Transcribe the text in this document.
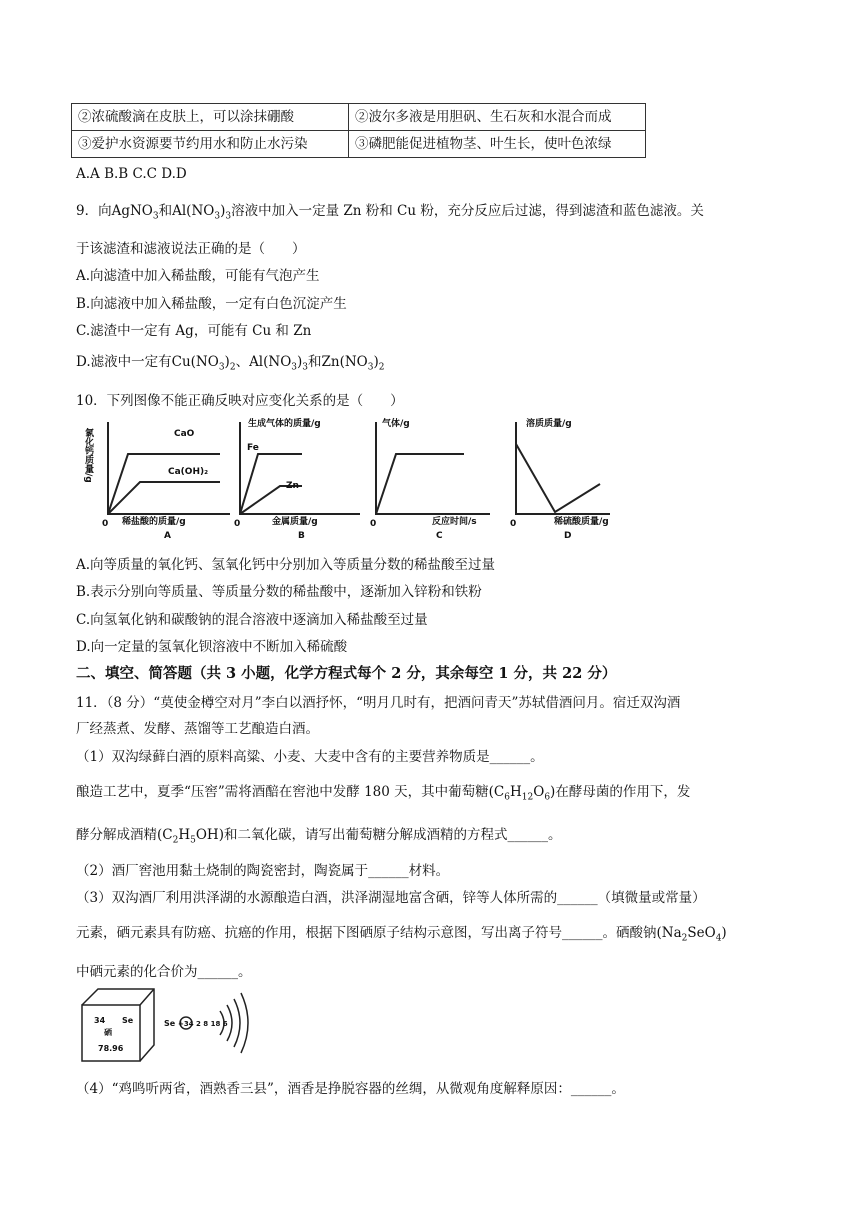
②浓硫酸滴在皮肤上，可以涂抹硼酸	②波尔多液是用胆矾、生石灰和水混合而成
③爱护水资源要节约用水和防止水污染	③磷肥能促进植物茎、叶生长，使叶色浓绿
A.A B.B C.C D.D
9．向AgNO$_3$和$Al(NO_3)_3$溶液中加入一定量 Zn 粉和 Cu 粉，充分反应后过滤，得到滤渣和蓝色滤液。关
于该滤渣和滤液说法正确的是（　　）
A.向滤渣中加入稀盐酸，可能有气泡产生
B.向滤液中加入稀盐酸，一定有白色沉淀产生
C.滤渣中一定有 Ag，可能有 Cu 和 Zn
D.滤液中一定有$Cu(NO_3)_2$、$Al(NO_3)_3$和$Zn(NO_3)_2$
10．下列图像不能正确反映对应变化关系的是（　　）
氯化钙质量/g	CaO
Ca(OH)₂
0 稀盐酸的质量/g
A
生成气体的质量/g
Fe
Zn
0	金属质量/g
B
气体/g
0	反应时间/s
C
溶质质量/g
0	稀硫酸质量/g
D
A.向等质量的氧化钙、氢氧化钙中分别加入等质量分数的稀盐酸至过量
B.表示分别向等质量、等质量分数的稀盐酸中，逐渐加入锌粉和铁粉
C.向氢氧化钠和碳酸钠的混合溶液中逐滴加入稀盐酸至过量
D.向一定量的氢氧化钡溶液中不断加入稀硫酸
二、填空、简答题（共 3 小题，化学方程式每个 2 分，其余每空 1 分，共 22 分）
11．（8 分）“莫使金樽空对月”李白以酒抒怀，“明月几时有，把酒问青天”苏轼借酒问月。宿迁双沟酒
厂经蒸煮、发酵、蒸馏等工艺酿造白酒。
（1）双沟绿藓白酒的原料高粱、小麦、大麦中含有的主要营养物质是______。
酿造工艺中，夏季“压窖”需将酒醅在窖池中发酵 180 天，其中葡萄糖$(C_6H_{12}O_6)$在酵母菌的作用下，发
酵分解成酒精$(C_2H_5OH)$和二氧化碳，请写出葡萄糖分解成酒精的方程式______。
（2）酒厂窖池用黏土烧制的陶瓷密封，陶瓷属于______材料。
（3）双沟酒厂利用洪泽湖的水源酿造白酒，洪泽湖湿地富含硒，锌等人体所需的______（填微量或常量）
元素，硒元素具有防癌、抗癌的作用，根据下图硒原子结构示意图，写出离子符号______。硒酸钠$(Na_2SeO_4)$
中硒元素的化合价为______。
34 Se
硒
78.96
Se +34 2 8 18 6
（4）“鸡鸣听两省，酒熟香三县”，酒香是挣脱容器的丝绸，从微观角度解释原因：______。
